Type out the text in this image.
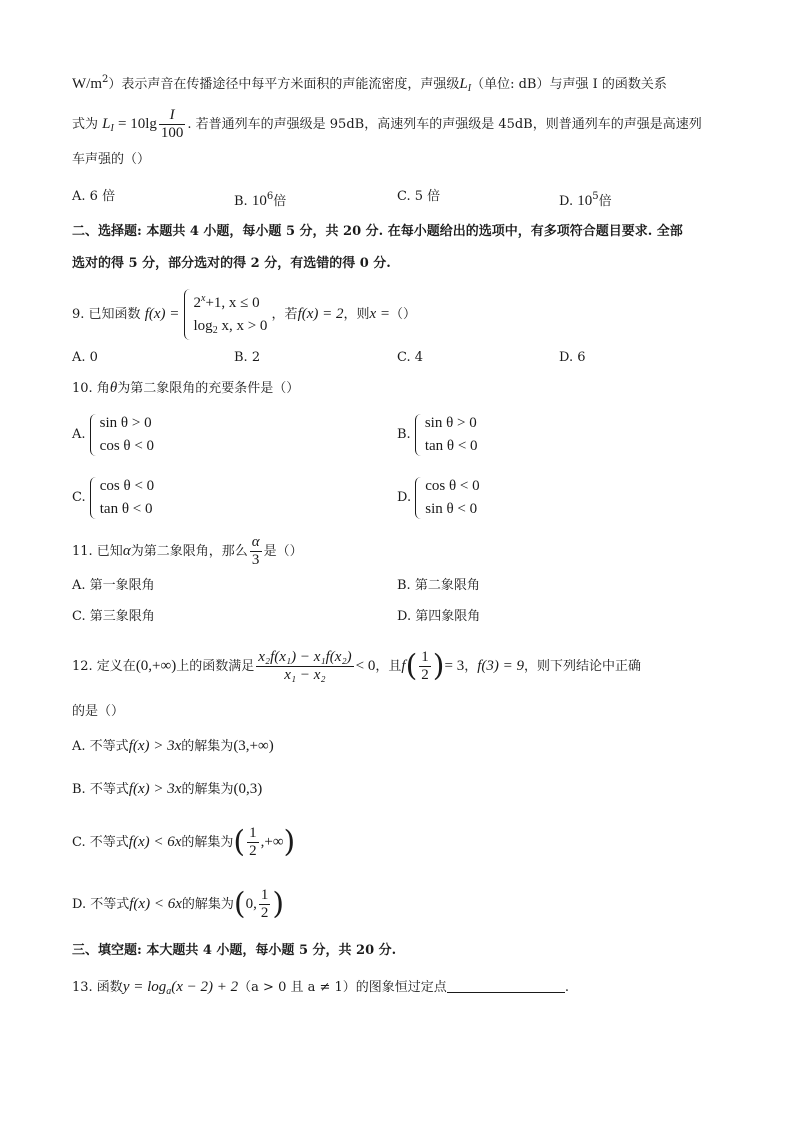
$W/m^2$）表示声音在传播途径中每平方米面积的声能流密度，声强级$L_I$（单位: dB）与声强 I 的函数关系
式为 $L_I = 10\lg \frac{I}{100}$ . 若普通列车的声强级是 95dB，高速列车的声强级是 45dB，则普通列车的声强是高速列
车声强的（）
A. 6 倍	B. $10^6$倍	C. 5 倍	D. $10^5$倍
二、选择题: 本题共 4 小题，每小题 5 分，共 20 分. 在每小题给出的选项中，有多项符合题目要求. 全部
选对的得 5 分，部分选对的得 2 分，有选错的得 0 分.
9. 已知函数 f(x) =
$2^x+1$, x ≤ 0
$\log_2 x$, x > 0
，若f(x) = 2，则x =（）
A. 0	B. 2	C. 4	D. 6
10. 角θ为第二象限角的充要条件是（）
A.
sin θ > 0
cos θ < 0
B.
sin θ > 0
tan θ < 0
C.
cos θ < 0
tan θ < 0
D.
cos θ < 0
sin θ < 0
11. 已知α为第二象限角，那么 $\frac{\alpha}{3}$ 是（）
A. 第一象限角	B. 第二象限角
C. 第三象限角	D. 第四象限角
12. 定义在(0,+∞)上的函数满足 $\frac{\text{x₂f(x₁) − x₁f(x₂)}}{\text{x₁ − x₂}} < 0$，且$f( \frac{1}{2}$ )= 3，f(3) = 9，则下列结论中正确
的是（）
A. 不等式f(x) > 3x的解集为(3,+∞)
B. 不等式f(x) > 3x的解集为(0,3)
C. 不等式f(x) < 6x的解集为( $\frac{1}{2}$ ,+∞)
D. 不等式f(x) < 6x的解集为(0, $\frac{1}{2}$ )
三、填空题: 本大题共 4 小题，每小题 5 分，共 20 分.
13. 函数$y = \log_a(x - 2) + 2(a > 0$ 且 a ≠ 1）的图象恒过定点	.
